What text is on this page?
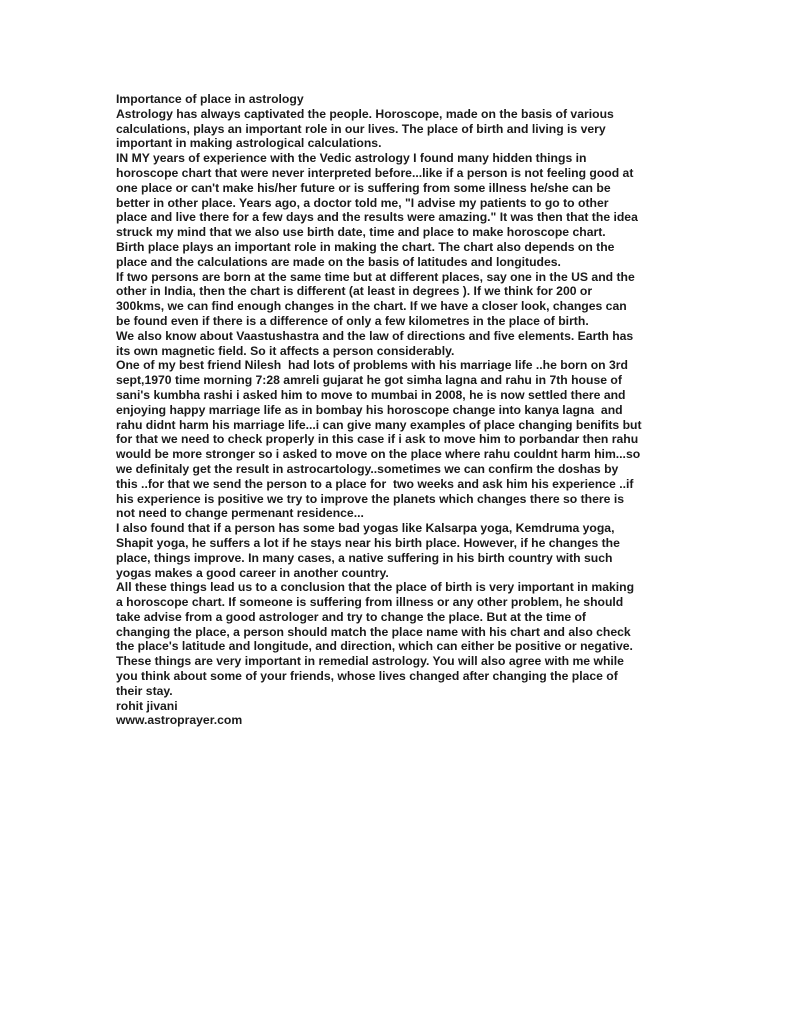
Importance of place in astrology
Astrology has always captivated the people. Horoscope, made on the basis of various
calculations, plays an important role in our lives. The place of birth and living is very
important in making astrological calculations.
IN MY years of experience with the Vedic astrology I found many hidden things in
horoscope chart that were never interpreted before...like if a person is not feeling good at
one place or can't make his/her future or is suffering from some illness he/she can be
better in other place. Years ago, a doctor told me, "I advise my patients to go to other
place and live there for a few days and the results were amazing." It was then that the idea
struck my mind that we also use birth date, time and place to make horoscope chart.
Birth place plays an important role in making the chart. The chart also depends on the
place and the calculations are made on the basis of latitudes and longitudes.
If two persons are born at the same time but at different places, say one in the US and the
other in India, then the chart is different (at least in degrees ). If we think for 200 or
300kms, we can find enough changes in the chart. If we have a closer look, changes can
be found even if there is a difference of only a few kilometres in the place of birth.
We also know about Vaastushastra and the law of directions and five elements. Earth has
its own magnetic field. So it affects a person considerably.
One of my best friend Nilesh  had lots of problems with his marriage life ..he born on 3rd
sept,1970 time morning 7:28 amreli gujarat he got simha lagna and rahu in 7th house of
sani's kumbha rashi i asked him to move to mumbai in 2008, he is now settled there and
enjoying happy marriage life as in bombay his horoscope change into kanya lagna  and
rahu didnt harm his marriage life...i can give many examples of place changing benifits but
for that we need to check properly in this case if i ask to move him to porbandar then rahu
would be more stronger so i asked to move on the place where rahu couldnt harm him...so
we definitaly get the result in astrocartology..sometimes we can confirm the doshas by
this ..for that we send the person to a place for  two weeks and ask him his experience ..if
his experience is positive we try to improve the planets which changes there so there is
not need to change permenant residence...
I also found that if a person has some bad yogas like Kalsarpa yoga, Kemdruma yoga,
Shapit yoga, he suffers a lot if he stays near his birth place. However, if he changes the
place, things improve. In many cases, a native suffering in his birth country with such
yogas makes a good career in another country.
All these things lead us to a conclusion that the place of birth is very important in making
a horoscope chart. If someone is suffering from illness or any other problem, he should
take advise from a good astrologer and try to change the place. But at the time of
changing the place, a person should match the place name with his chart and also check
the place's latitude and longitude, and direction, which can either be positive or negative.
These things are very important in remedial astrology. You will also agree with me while
you think about some of your friends, whose lives changed after changing the place of
their stay.
rohit jivani
www.astroprayer.com
